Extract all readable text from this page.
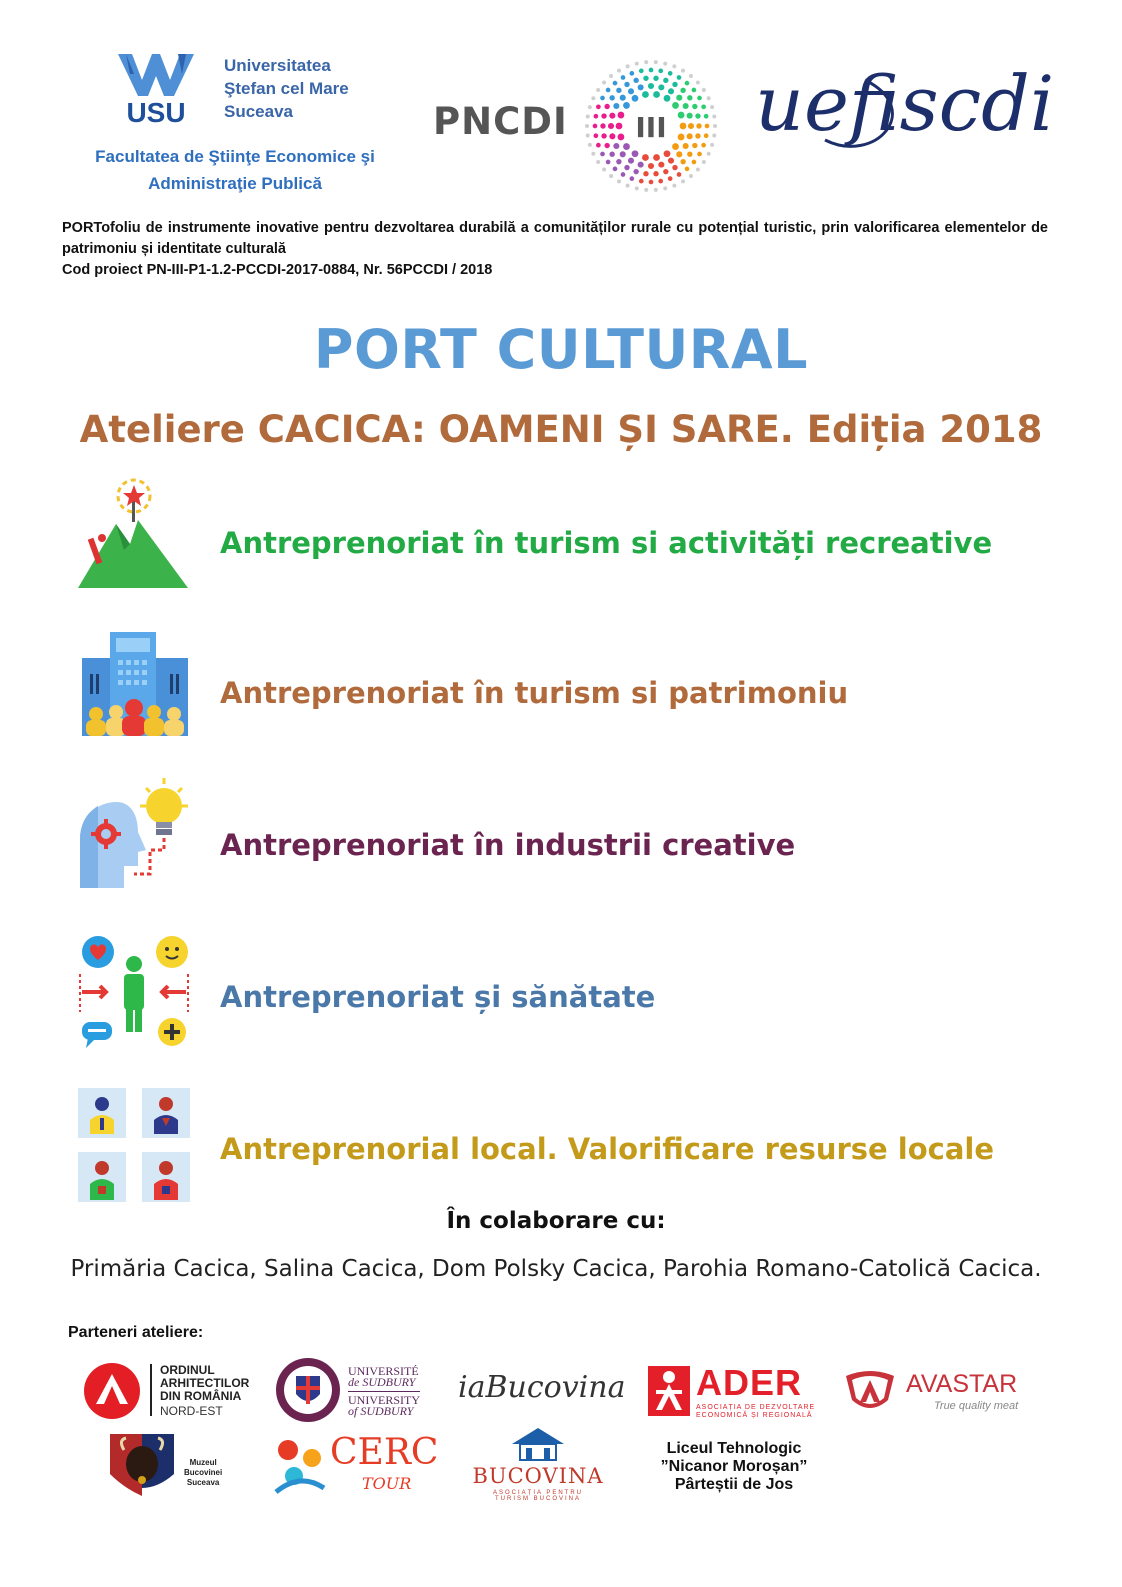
USU
Universitatea
Ştefan cel Mare
Suceava
Facultatea de Ştiinţe Economice şi
Administraţie Publică
PNCDI III uefiscdi
PORTofoliu de instrumente inovative pentru dezvoltarea durabilă a comunităților rurale cu potențial turistic, prin valorificarea elementelor de patrimoniu și identitate culturală
Cod proiect PN-III-P1-1.2-PCCDI-2017-0884, Nr. 56PCCDI / 2018
PORT CULTURAL
Ateliere CACICA: OAMENI ȘI SARE. Ediția 2018
Antreprenoriat în turism si activități recreative
Antreprenoriat în turism si patrimoniu
Antreprenoriat în industrii creative
Antreprenoriat și sănătate
Antreprenorial local. Valorificare resurse locale
În colaborare cu:
Primăria Cacica, Salina Cacica, Dom Polsky Cacica, Parohia Romano-Catolică Cacica.
Parteneri ateliere:
ORDINUL
ARHITECTILOR
DIN ROMÂNIA
NORD-EST
UNIVERSITÉ
de SUDBURY
UNIVERSITY
of SUDBURY
iaBucovina ADER
ASOCIAȚIA DE DEZVOLTARE
ECONOMICĂ ȘI REGIONALĂ
AVASTAR
True quality meat
Muzeul
Bucovinei
Suceava
CERC
TOUR	BUCOVINA
ASOCIAȚIA PENTRU
TURISM BUCOVINA
Liceul Tehnologic
”Nicanor Moroșan”
Pârteștii de Jos
